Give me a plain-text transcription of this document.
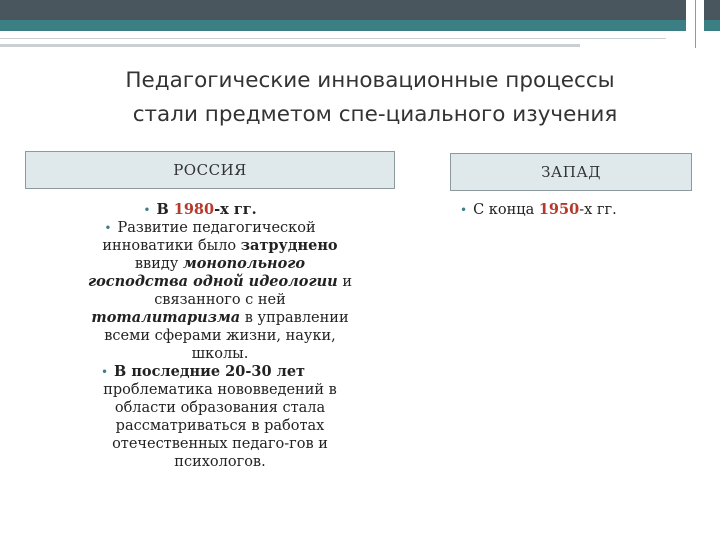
Педагогические инновационные процессы

стали предметом спе-циального изучения
РОССИЯ	ЗАПАД
• В 1980-х гг.
• Развитие педагогической
инноватики было затруднено
ввиду монопольного
господства одной идеологии и
связанного с ней
тоталитаризма в управлении
всеми сферами жизни, науки,
школы.
• В последние 20-30 лет
проблематика нововведений в
области образования стала
рассматриваться в работах
отечественных педаго-гов и
психологов.
• С конца 1950-х гг.
